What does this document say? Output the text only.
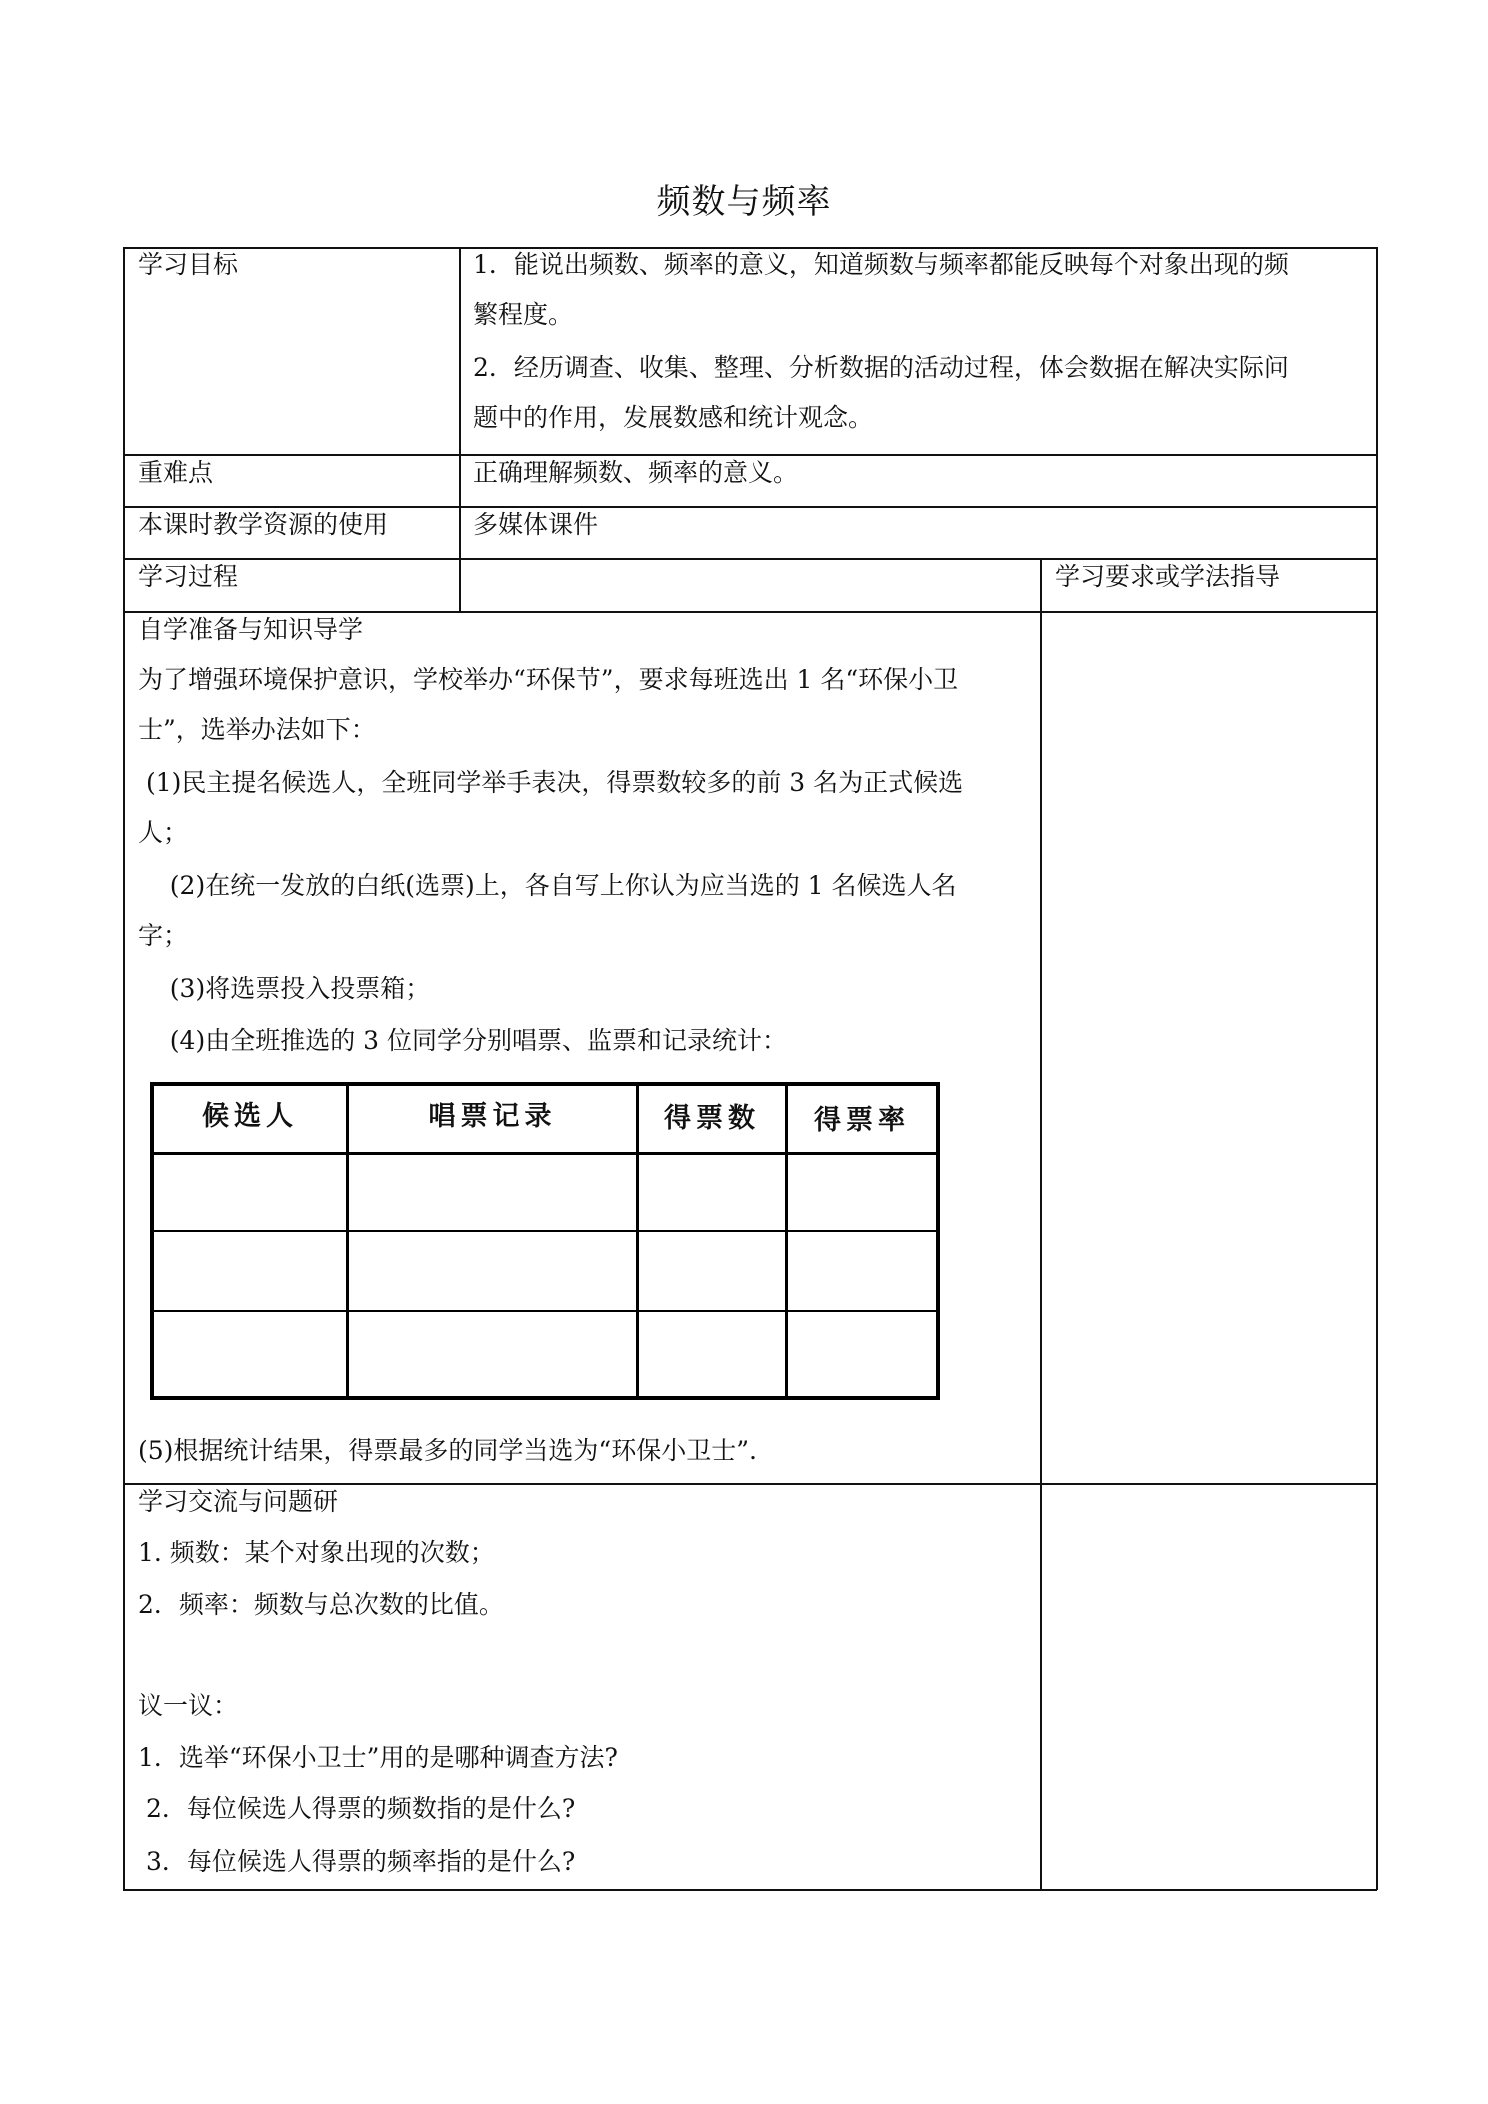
频数与频率
学习目标	1．能说出频数、频率的意义，知道频数与频率都能反映每个对象出现的频
繁程度。
2．经历调查、收集、整理、分析数据的活动过程，体会数据在解决实际问
题中的作用，发展数感和统计观念。
重难点	正确理解频数、频率的意义。
本课时教学资源的使用	多媒体课件
学习过程	学习要求或学法指导
自学准备与知识导学
为了增强环境保护意识，学校举办“环保节”，要求每班选出 1 名“环保小卫
士”，选举办法如下：
(1)民主提名候选人，全班同学举手表决，得票数较多的前 3 名为正式候选
人；
(2)在统一发放的白纸(选票)上，各自写上你认为应当选的 1 名候选人名
字；
(3)将选票投入投票箱；
(4)由全班推选的 3 位同学分别唱票、监票和记录统计：
候选人	唱票记录	得票数	得票率
(5)根据统计结果，得票最多的同学当选为“环保小卫士”.
学习交流与问题研
1. 频数：某个对象出现的次数；
2．频率：频数与总次数的比值。
议一议：
1．选举“环保小卫士”用的是哪种调查方法?
2．每位候选人得票的频数指的是什么?
3．每位候选人得票的频率指的是什么?
